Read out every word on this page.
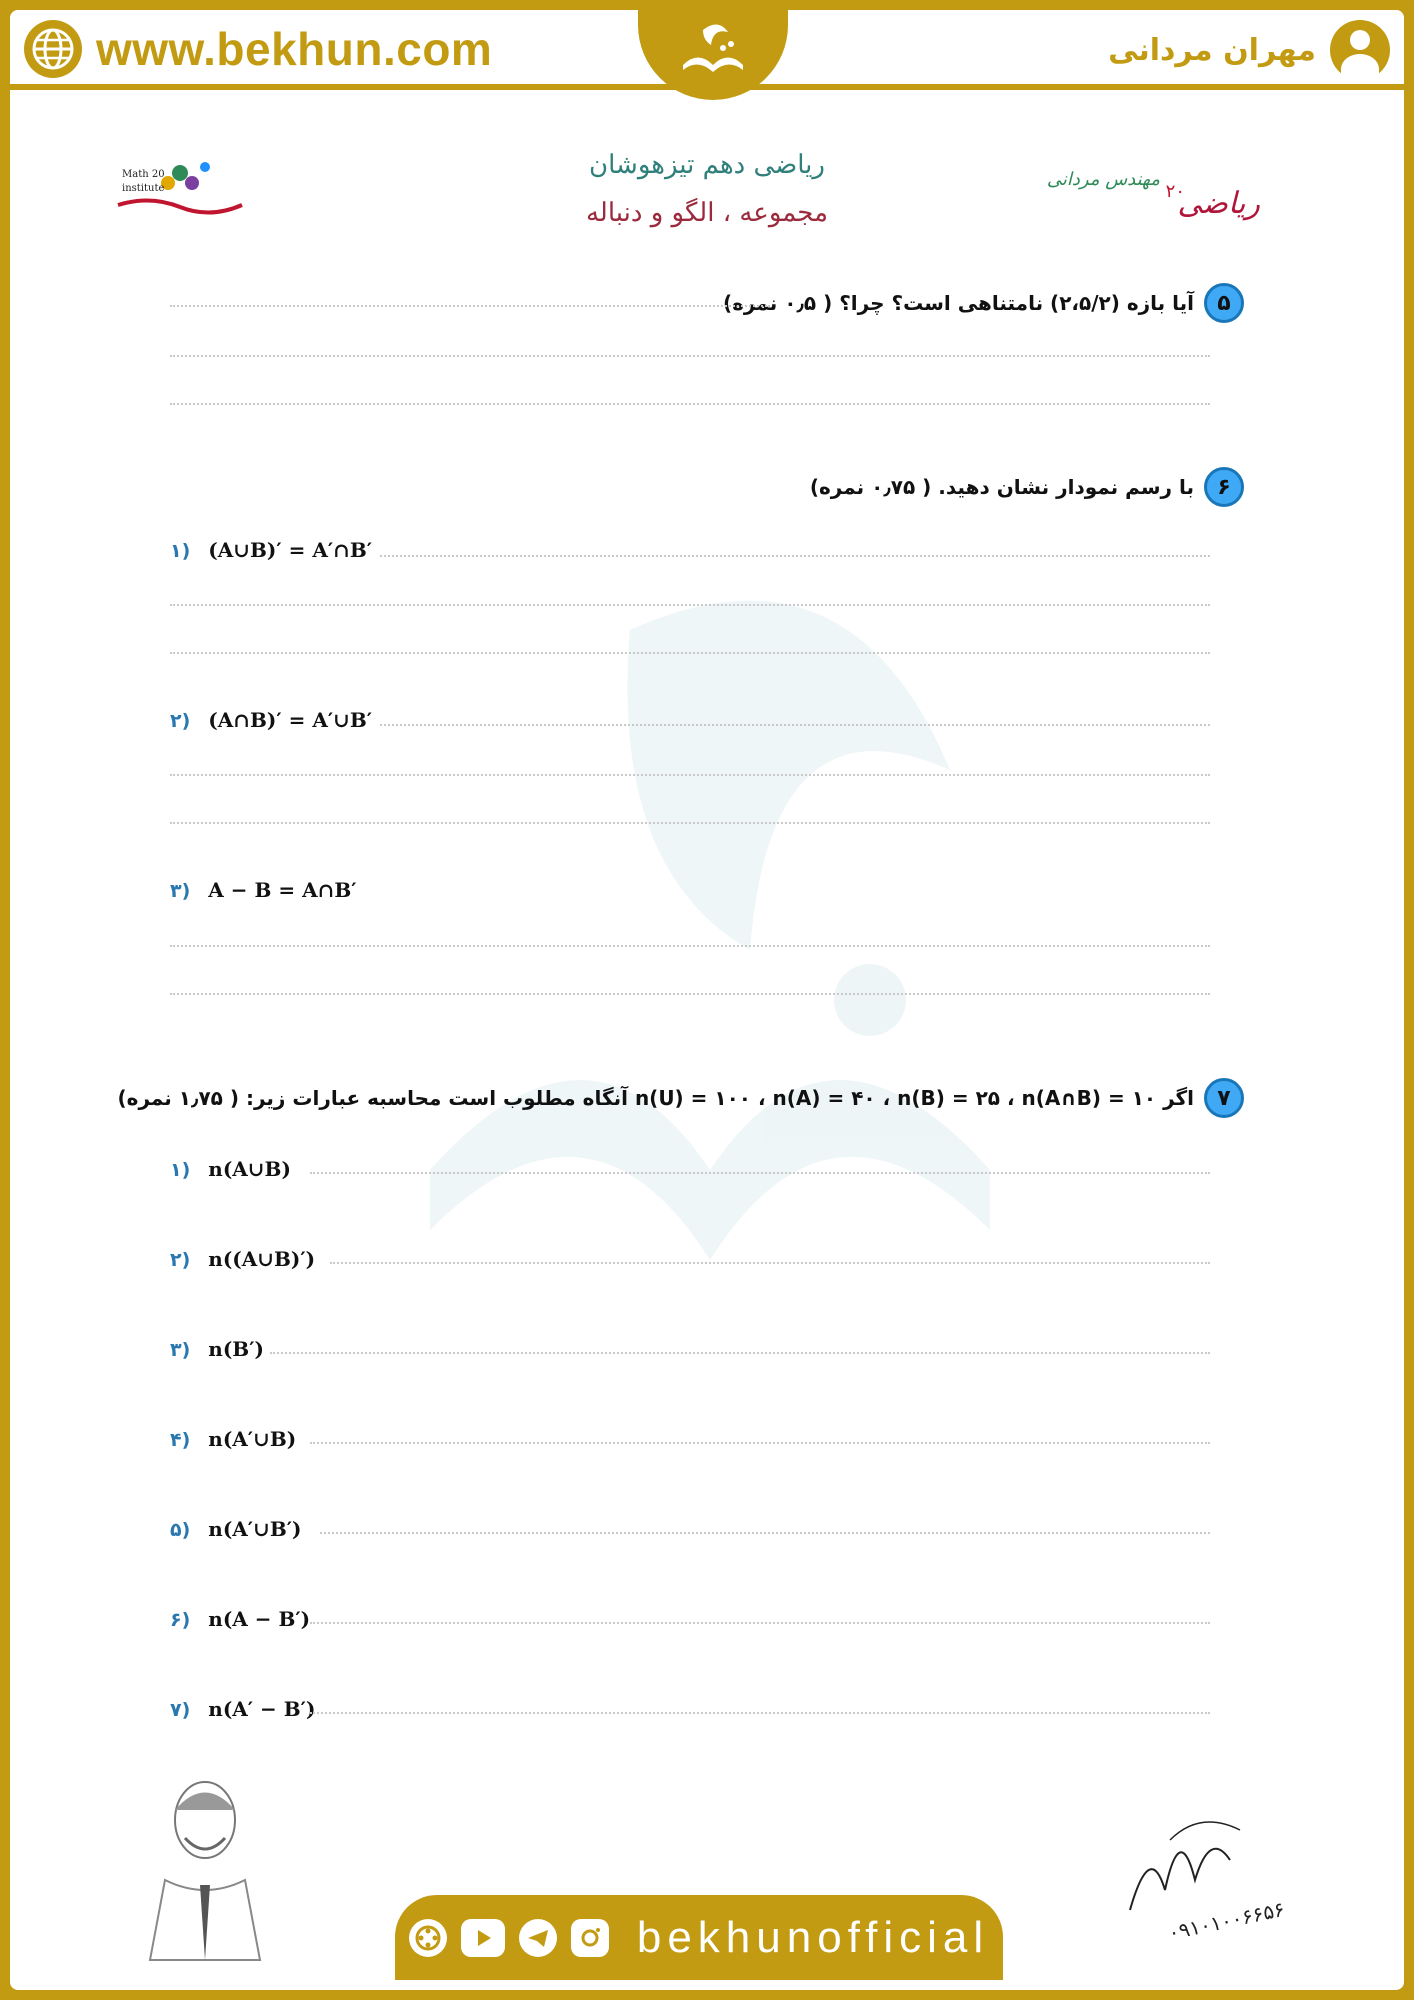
www.bekhun.com	مهران مردانی
Math 20
institute
ریاضی دهم تیزهوشان
مجموعه ، الگو و دنباله	ریاضی
۲۰
مهندس مردانی
۵
آیا بازه (۲،۵/۲) نامتناهی است؟ چرا؟ ( ۰٫۵ نمره)
۶
با رسم نمودار نشان دهید. ( ۰٫۷۵ نمره)
۱) (A∪B)′ = A′∩B′
۲) (A∩B)′ = A′∪B′
۳) A − B = A∩B′
۷
اگر n(U) = ۱۰۰ ، n(A) = ۴۰ ، n(B) = ۲۵ ، n(A∩B) = ۱۰ آنگاه مطلوب است محاسبه عبارات زیر: ( ۱٫۷۵ نمره)
۱) n(A∪B)
۲) n((A∪B)′)
۳) n(B′)
۴) n(A′∪B)
۵) n(A′∪B′)
۶) n(A − B′)
۷) n(A′ − B′)
۰۹۱۰۱۰۰۶۶۵۶
bekhunofficial
